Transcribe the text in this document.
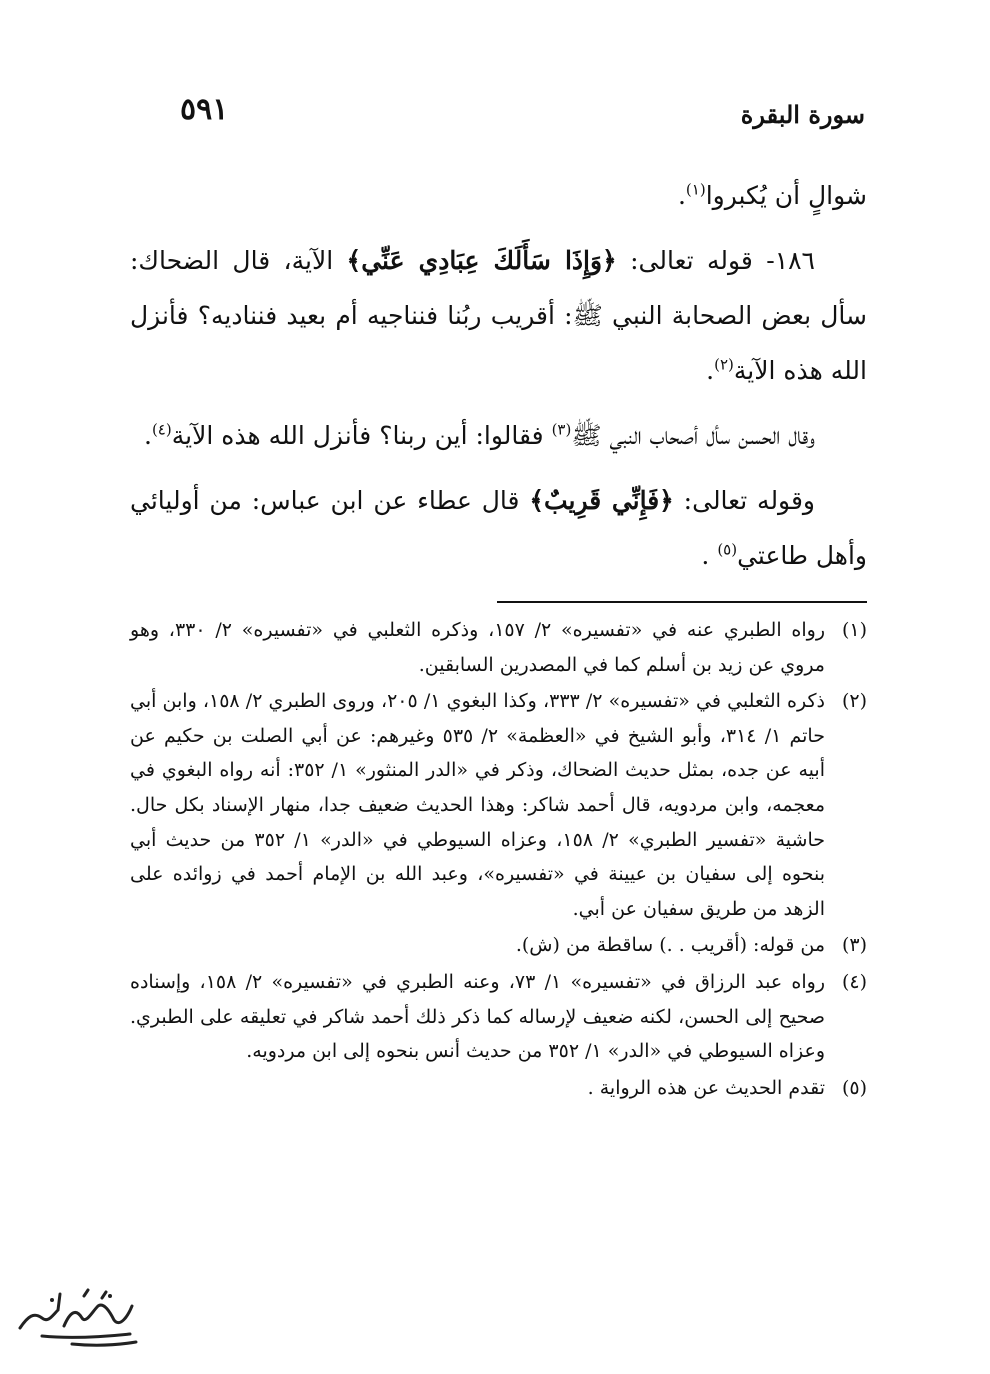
سورة البقرة
٥٩١

شوالٍ أن يُكبروا$^{(١)}$.

١٨٦- قوله تعالى: ﴿وَإِذَا سَأَلَكَ عِبَادِي عَنِّي﴾ الآية، قال الضحاك: سأل بعض الصحابة النبي ﷺ: أقريب ربُنا فنناجيه أم بعيد فنناديه؟ فأنزل الله هذه الآية$^{(٢)}$.

وقال الحسن سأل أصحاب النبي ﷺ$^{(٣)}$ فقالوا: أين ربنا؟ فأنزل الله هذه الآية$^{(٤)}$.

وقوله تعالى: ﴿فَإِنِّي قَرِيبٌ﴾ قال عطاء عن ابن عباس: من أوليائي وأهل طاعتي$^{(٥)}$ .

(١)
رواه الطبري عنه في «تفسيره» ٢/ ١٥٧، وذكره الثعلبي في «تفسيره» ٢/ ٣٣٠، وهو مروي عن زيد بن أسلم كما في المصدرين السابقين.
(٢)
ذكره الثعلبي في «تفسيره» ٢/ ٣٣٣، وكذا البغوي ١/ ٢٠٥، وروى الطبري ٢/ ١٥٨، وابن أبي حاتم ١/ ٣١٤، وأبو الشيخ في «العظمة» ٢/ ٥٣٥ وغيرهم: عن أبي الصلت بن حكيم عن أبيه عن جده، بمثل حديث الضحاك، وذكر في «الدر المنثور» ١/ ٣٥٢: أنه رواه البغوي في معجمه، وابن مردويه، قال أحمد شاكر: وهذا الحديث ضعيف جدا، منهار الإسناد بكل حال. حاشية «تفسير الطبري» ٢/ ١٥٨، وعزاه السيوطي في «الدر» ١/ ٣٥٢ من حديث أبي بنحوه إلى سفيان بن عيينة في «تفسيره»، وعبد الله بن الإمام أحمد في زوائده على الزهد من طريق سفيان عن أبي.
(٣)
من قوله: (أقريب . .) ساقطة من (ش).
(٤)
رواه عبد الرزاق في «تفسيره» ١/ ٧٣، وعنه الطبري في «تفسيره» ٢/ ١٥٨، وإسناده صحيح إلى الحسن، لكنه ضعيف لإرساله كما ذكر ذلك أحمد شاكر في تعليقه على الطبري. وعزاه السيوطي في «الدر» ١/ ٣٥٢ من حديث أنس بنحوه إلى ابن مردويه.
(٥)
تقدم الحديث عن هذه الرواية .
